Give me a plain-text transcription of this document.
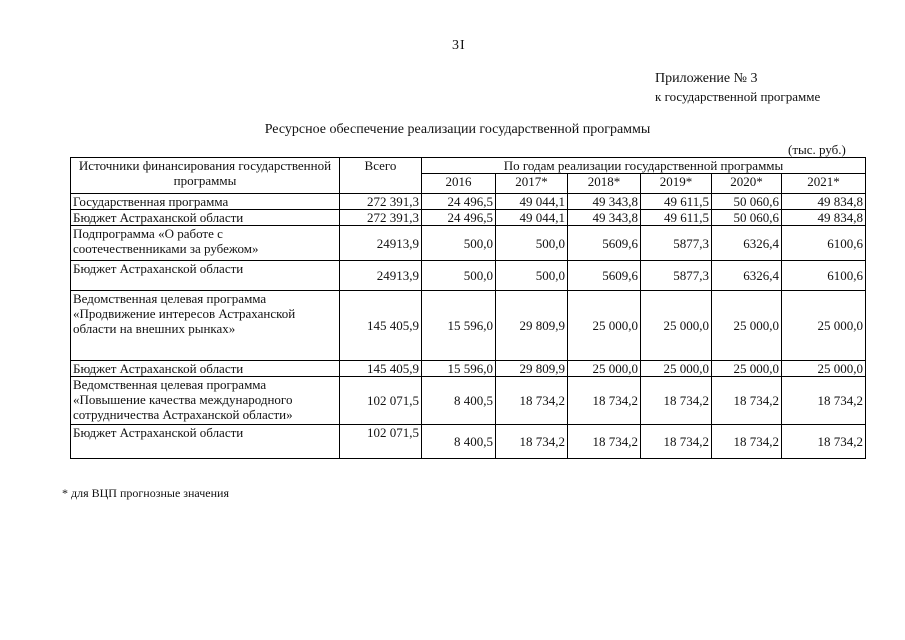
3I
Приложение № 3
к государственной программе
Ресурсное обеспечение реализации государственной программы
(тыс. руб.)
Источники финансирования государственной программы	Всего	По годам реализации государственной программы					
		2016	2017*	2018*	2019*	2020*	2021*
Государственная программа	272 391,3	24 496,5	49 044,1	49 343,8	49 611,5	50 060,6	49 834,8
Бюджет Астраханской области	272 391,3	24 496,5	49 044,1	49 343,8	49 611,5	50 060,6	49 834,8
Подпрограмма «О работе с соотечественниками за рубежом»	24913,9	500,0	500,0	5609,6	5877,3	6326,4	6100,6
Бюджет Астраханской области	24913,9	500,0	500,0	5609,6	5877,3	6326,4	6100,6
Ведомственная целевая программа «Продвижение интересов Астраханской области на внешних рынках»	145 405,9	15 596,0	29 809,9	25 000,0	25 000,0	25 000,0	25 000,0
Бюджет Астраханской области	145 405,9	15 596,0	29 809,9	25 000,0	25 000,0	25 000,0	25 000,0
Ведомственная целевая программа «Повышение качества международного сотрудничества Астраханской области»	102 071,5	8 400,5	18 734,2	18 734,2	18 734,2	18 734,2	18 734,2
Бюджет Астраханской области	102 071,5	8 400,5	18 734,2	18 734,2	18 734,2	18 734,2	18 734,2
* для ВЦП прогнозные значения
